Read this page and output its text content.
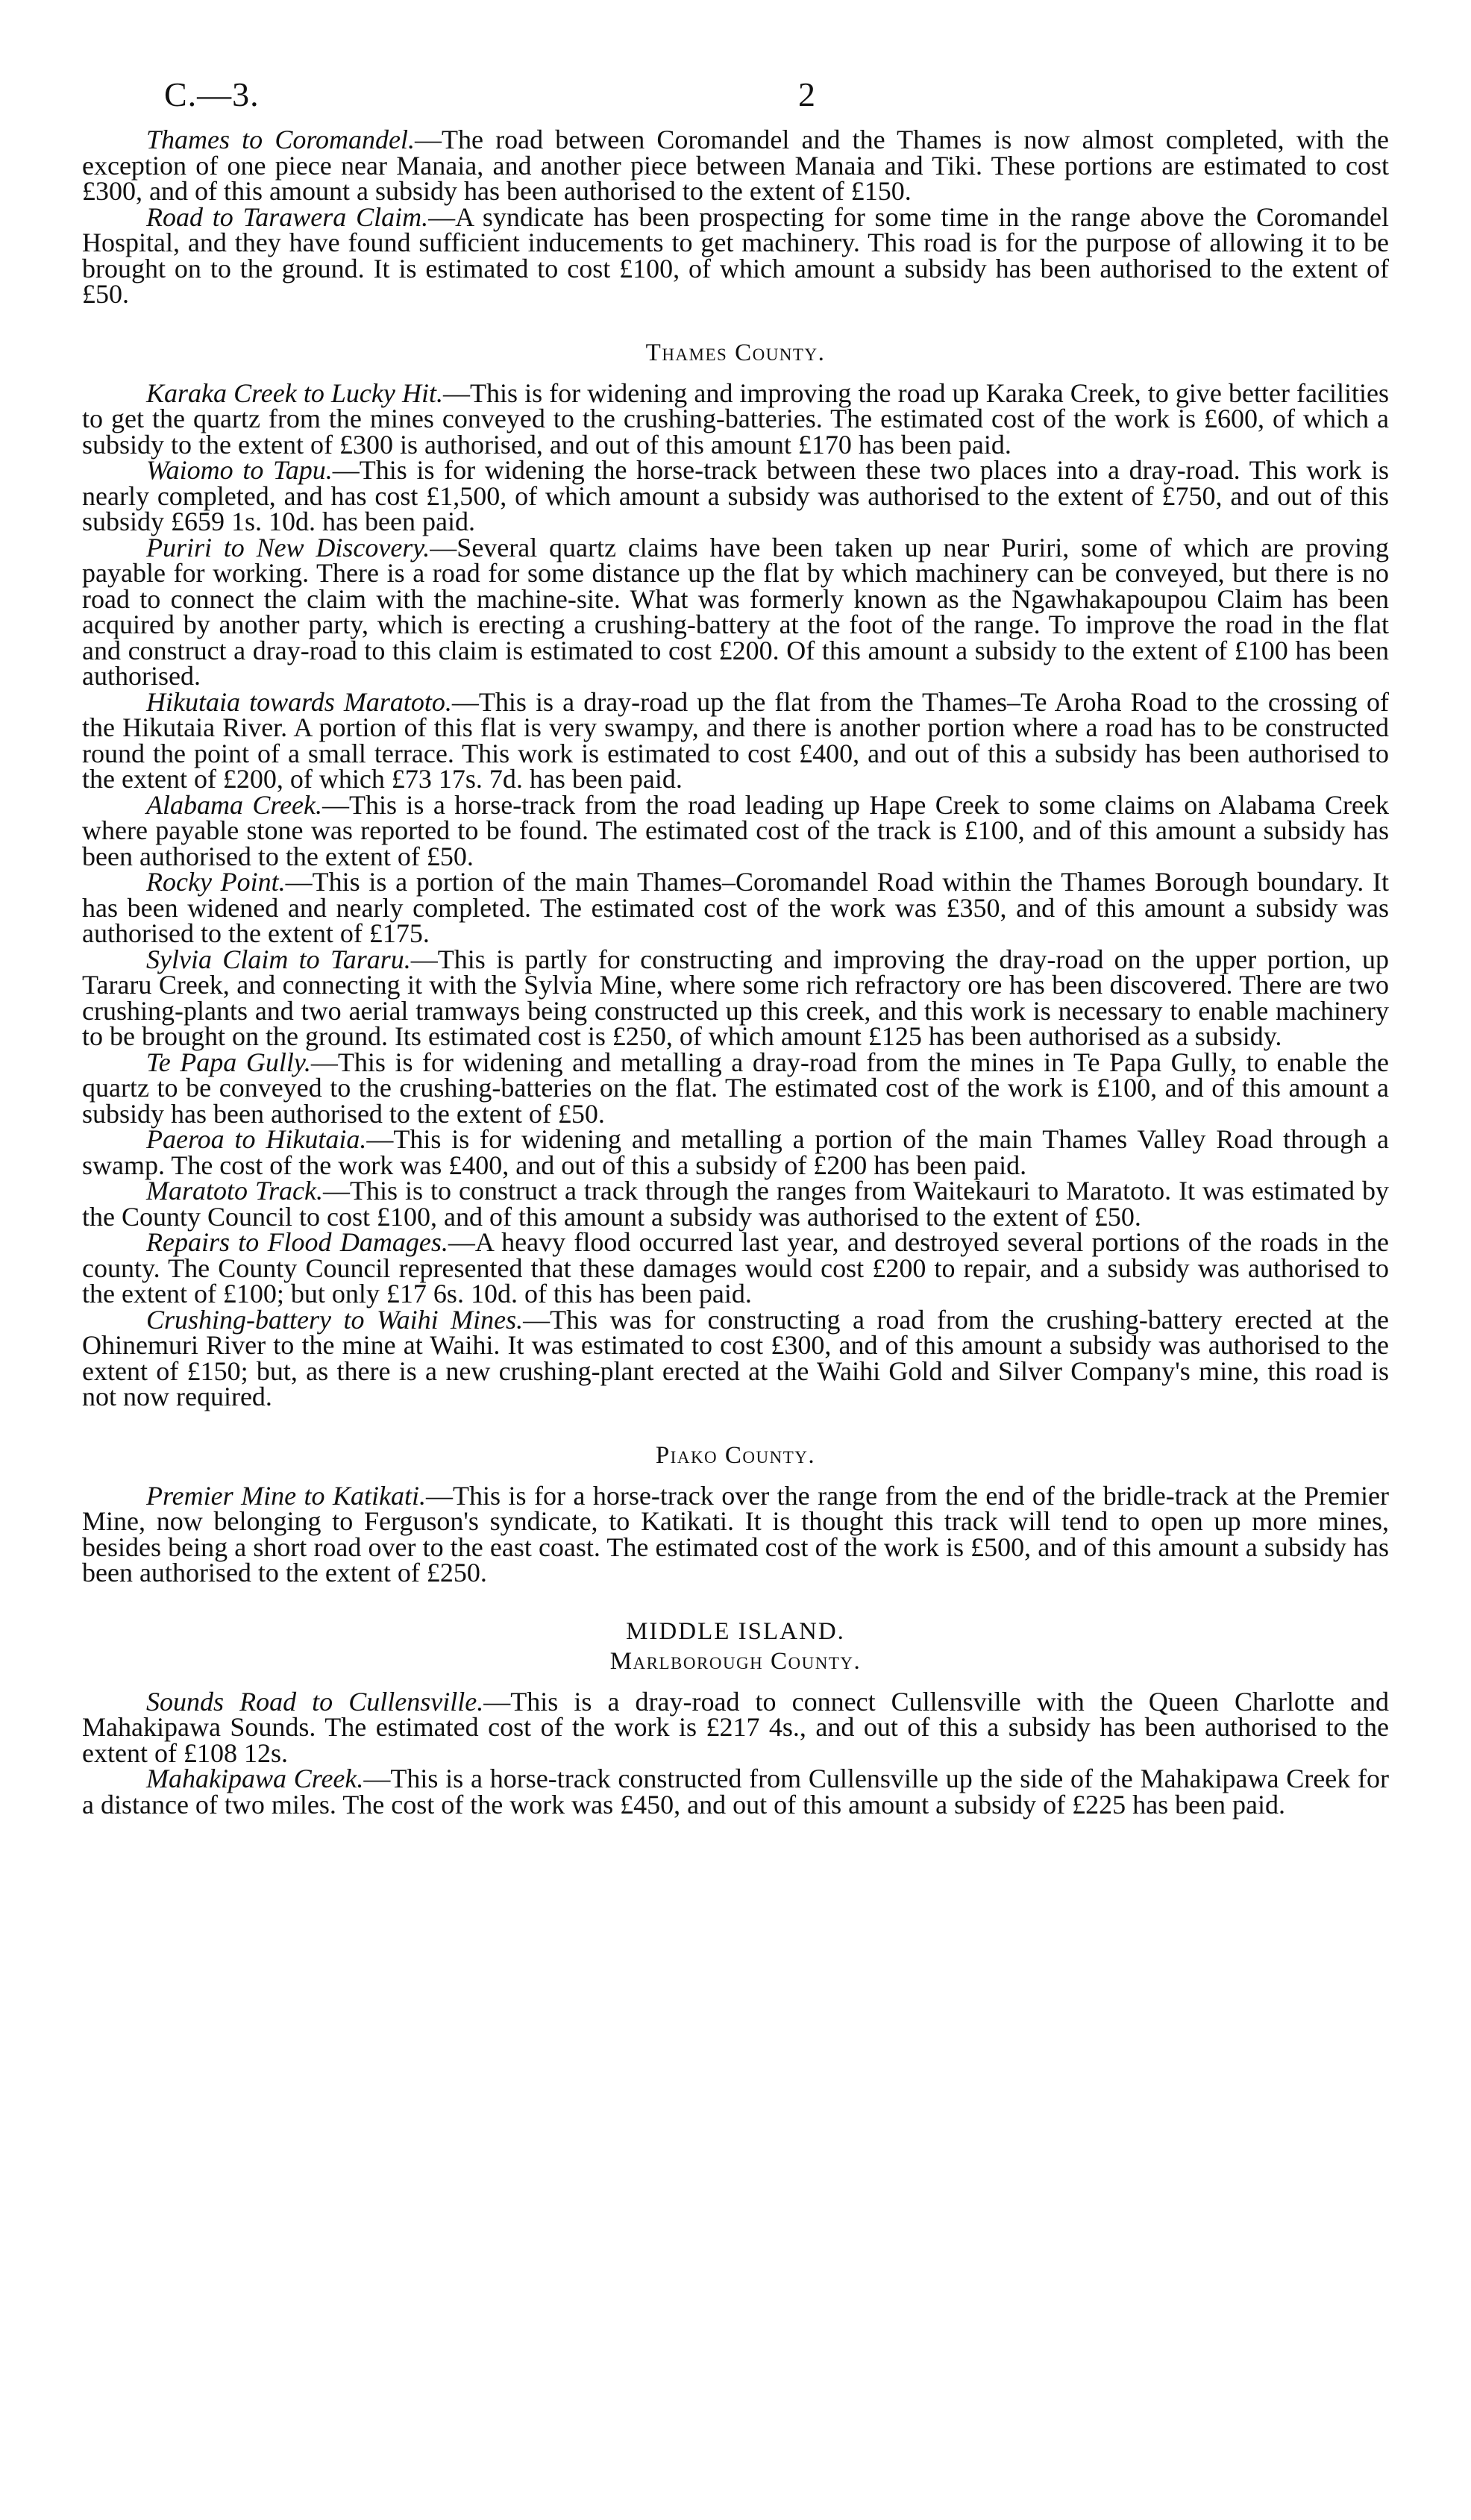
C.—3.	2

Thames to Coromandel.—The road between Coromandel and the Thames is now almost completed, with the exception of one piece near Manaia, and another piece between Manaia and Tiki. These portions are estimated to cost £300, and of this amount a subsidy has been authorised to the extent of £150.

Road to Tarawera Claim.—A syndicate has been prospecting for some time in the range above the Coromandel Hospital, and they have found sufficient inducements to get machinery. This road is for the purpose of allowing it to be brought on to the ground. It is estimated to cost £100, of which amount a subsidy has been authorised to the extent of £50.

Thames County.

Karaka Creek to Lucky Hit.—This is for widening and improving the road up Karaka Creek, to give better facilities to get the quartz from the mines conveyed to the crushing-batteries. The estimated cost of the work is £600, of which a subsidy to the extent of £300 is authorised, and out of this amount £170 has been paid.

Waiomo to Tapu.—This is for widening the horse-track between these two places into a dray-road. This work is nearly completed, and has cost £1,500, of which amount a subsidy was authorised to the extent of £750, and out of this subsidy £659 1s. 10d. has been paid.

Puriri to New Discovery.—Several quartz claims have been taken up near Puriri, some of which are proving payable for working. There is a road for some distance up the flat by which machinery can be conveyed, but there is no road to connect the claim with the machine-site. What was formerly known as the Ngawhakapoupou Claim has been acquired by another party, which is erecting a crushing-battery at the foot of the range. To improve the road in the flat and construct a dray-road to this claim is estimated to cost £200. Of this amount a subsidy to the extent of £100 has been authorised.

Hikutaia towards Maratoto.—This is a dray-road up the flat from the Thames–Te Aroha Road to the crossing of the Hikutaia River. A portion of this flat is very swampy, and there is another portion where a road has to be constructed round the point of a small terrace. This work is estimated to cost £400, and out of this a subsidy has been authorised to the extent of £200, of which £73 17s. 7d. has been paid.

Alabama Creek.—This is a horse-track from the road leading up Hape Creek to some claims on Alabama Creek where payable stone was reported to be found. The estimated cost of the track is £100, and of this amount a subsidy has been authorised to the extent of £50.

Rocky Point.—This is a portion of the main Thames–Coromandel Road within the Thames Borough boundary. It has been widened and nearly completed. The estimated cost of the work was £350, and of this amount a subsidy was authorised to the extent of £175.

Sylvia Claim to Tararu.—This is partly for constructing and improving the dray-road on the upper portion, up Tararu Creek, and connecting it with the Sylvia Mine, where some rich refractory ore has been discovered. There are two crushing-plants and two aerial tramways being constructed up this creek, and this work is necessary to enable machinery to be brought on the ground. Its estimated cost is £250, of which amount £125 has been authorised as a subsidy.

Te Papa Gully.—This is for widening and metalling a dray-road from the mines in Te Papa Gully, to enable the quartz to be conveyed to the crushing-batteries on the flat. The estimated cost of the work is £100, and of this amount a subsidy has been authorised to the extent of £50.

Paeroa to Hikutaia.—This is for widening and metalling a portion of the main Thames Valley Road through a swamp. The cost of the work was £400, and out of this a subsidy of £200 has been paid.

Maratoto Track.—This is to construct a track through the ranges from Waitekauri to Maratoto. It was estimated by the County Council to cost £100, and of this amount a subsidy was authorised to the extent of £50.

Repairs to Flood Damages.—A heavy flood occurred last year, and destroyed several portions of the roads in the county. The County Council represented that these damages would cost £200 to repair, and a subsidy was authorised to the extent of £100; but only £17 6s. 10d. of this has been paid.

Crushing-battery to Waihi Mines.—This was for constructing a road from the crushing-battery erected at the Ohinemuri River to the mine at Waihi. It was estimated to cost £300, and of this amount a subsidy was authorised to the extent of £150; but, as there is a new crushing-plant erected at the Waihi Gold and Silver Company's mine, this road is not now required.

Piako County.

Premier Mine to Katikati.—This is for a horse-track over the range from the end of the bridle-track at the Premier Mine, now belonging to Ferguson's syndicate, to Katikati. It is thought this track will tend to open up more mines, besides being a short road over to the east coast. The estimated cost of the work is £500, and of this amount a subsidy has been authorised to the extent of £250.

MIDDLE ISLAND.
Marlborough County.

Sounds Road to Cullensville.—This is a dray-road to connect Cullensville with the Queen Charlotte and Mahakipawa Sounds. The estimated cost of the work is £217 4s., and out of this a subsidy has been authorised to the extent of £108 12s.

Mahakipawa Creek.—This is a horse-track constructed from Cullensville up the side of the Mahakipawa Creek for a distance of two miles. The cost of the work was £450, and out of this amount a subsidy of £225 has been paid.
